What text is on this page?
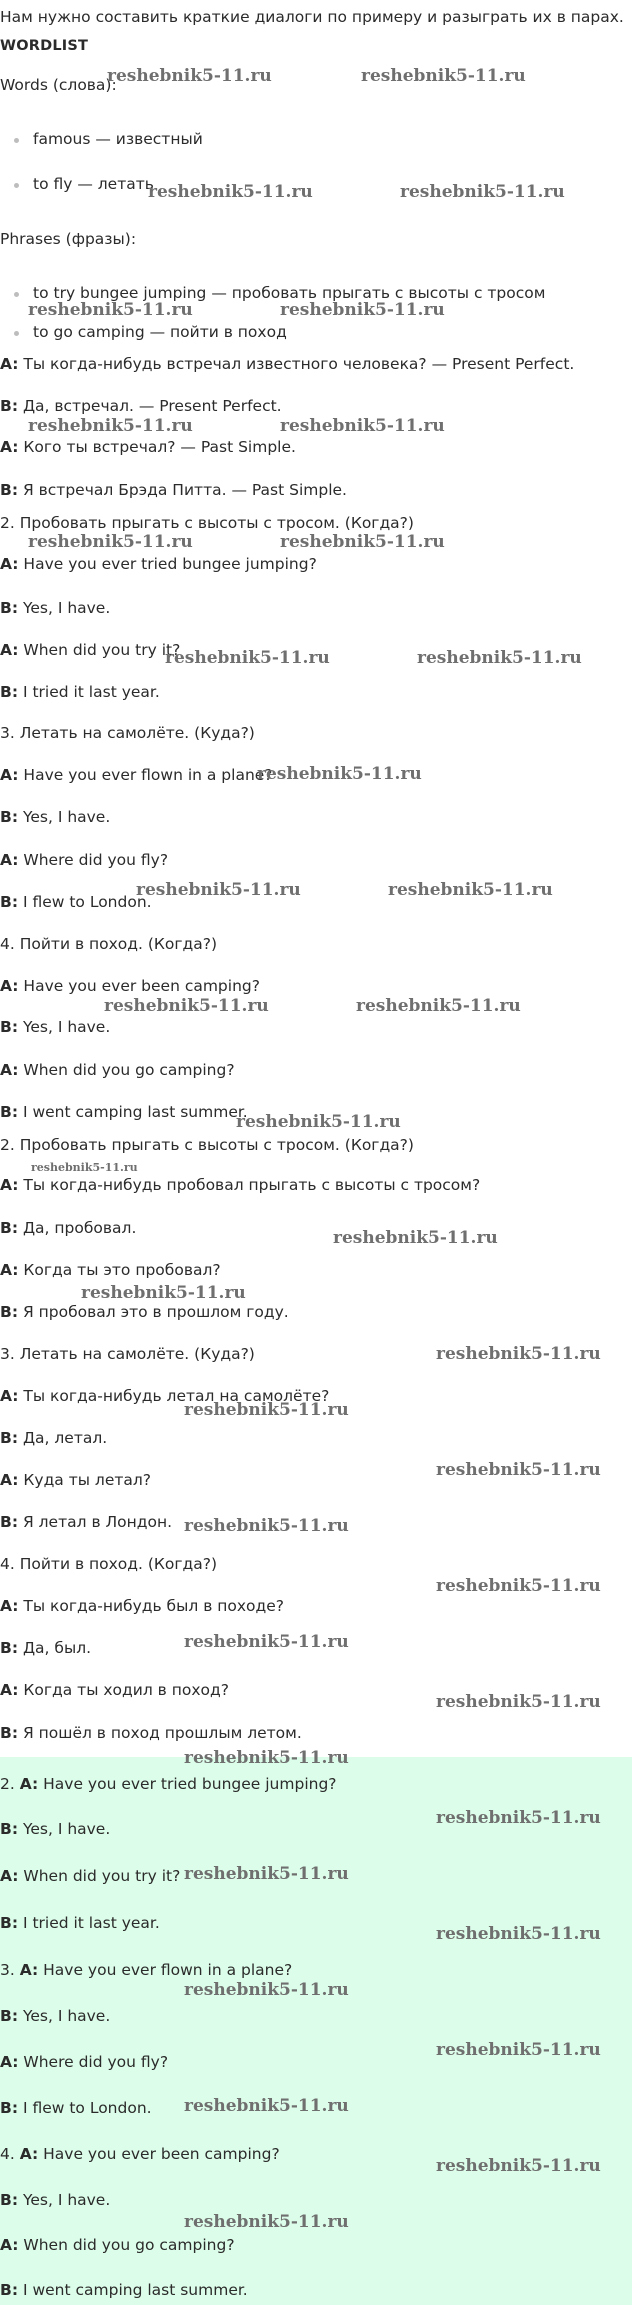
Нам нужно составить краткие диалоги по примеру и разыграть их в парах.
WORDLIST
Words (слова):
famous — известный
to fly — летать
Phrases (фразы):
to try bungee jumping — пробовать прыгать с высоты с тросом
to go camping — пойти в поход
A: Ты когда-нибудь встречал известного человека? — Present Perfect.
B: Да, встречал. — Present Perfect.
A: Кого ты встречал? — Past Simple.
B: Я встречал Брэда Питта. — Past Simple.
2. Пробовать прыгать с высоты с тросом. (Когда?)
A: Have you ever tried bungee jumping?
B: Yes, I have.
A: When did you try it?
B: I tried it last year.
3. Летать на самолёте. (Куда?)
A: Have you ever flown in a plane?
B: Yes, I have.
A: Where did you fly?
B: I flew to London.
4. Пойти в поход. (Когда?)
A: Have you ever been camping?
B: Yes, I have.
A: When did you go camping?
B: I went camping last summer.
2. Пробовать прыгать с высоты с тросом. (Когда?)
A: Ты когда-нибудь пробовал прыгать с высоты с тросом?
B: Да, пробовал.
A: Когда ты это пробовал?
B: Я пробовал это в прошлом году.
3. Летать на самолёте. (Куда?)
A: Ты когда-нибудь летал на самолёте?
B: Да, летал.
A: Куда ты летал?
B: Я летал в Лондон.
4. Пойти в поход. (Когда?)
A: Ты когда-нибудь был в походе?
B: Да, был.
A: Когда ты ходил в поход?
B: Я пошёл в поход прошлым летом.
2. A: Have you ever tried bungee jumping?
B: Yes, I have.
A: When did you try it?
B: I tried it last year.
3. A: Have you ever flown in a plane?
B: Yes, I have.
A: Where did you fly?
B: I flew to London.
4. A: Have you ever been camping?
B: Yes, I have.
A: When did you go camping?
B: I went camping last summer.
reshebnik5-11.ru	reshebnik5-11.ru
reshebnik5-11.ru	reshebnik5-11.ru
reshebnik5-11.ru	reshebnik5-11.ru
reshebnik5-11.ru	reshebnik5-11.ru
reshebnik5-11.ru	reshebnik5-11.ru
reshebnik5-11.ru	reshebnik5-11.ru
reshebnik5-11.ru
reshebnik5-11.ru	reshebnik5-11.ru
reshebnik5-11.ru	reshebnik5-11.ru
reshebnik5-11.ru
reshebnik5-11.ru
reshebnik5-11.ru
reshebnik5-11.ru
reshebnik5-11.ru
reshebnik5-11.ru
reshebnik5-11.ru
reshebnik5-11.ru
reshebnik5-11.ru
reshebnik5-11.ru
reshebnik5-11.ru
reshebnik5-11.ru
reshebnik5-11.ru
reshebnik5-11.ru
reshebnik5-11.ru
reshebnik5-11.ru
reshebnik5-11.ru
reshebnik5-11.ru
reshebnik5-11.ru
reshebnik5-11.ru
